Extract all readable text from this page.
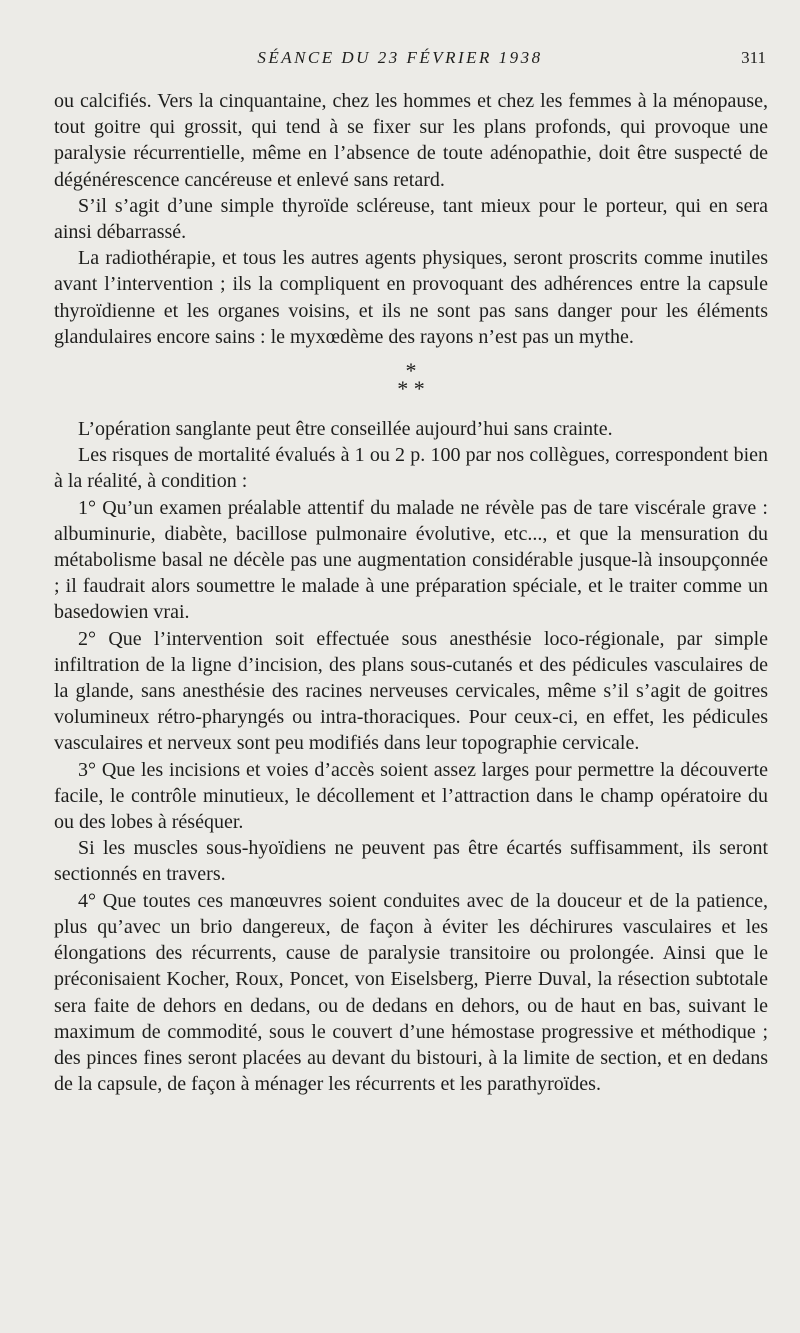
SÉANCE DU 23 FÉVRIER 1938	311

ou calcifiés. Vers la cinquantaine, chez les hommes et chez les femmes à la ménopause, tout goitre qui grossit, qui tend à se fixer sur les plans profonds, qui provoque une paralysie récurrentielle, même en l’absence de toute adénopathie, doit être suspecté de dégénérescence cancéreuse et enlevé sans retard.

S’il s’agit d’une simple thyroïde scléreuse, tant mieux pour le porteur, qui en sera ainsi débarrassé.

La radiothérapie, et tous les autres agents physiques, seront proscrits comme inutiles avant l’intervention ; ils la compliquent en provoquant des adhérences entre la capsule thyroïdienne et les organes voisins, et ils ne sont pas sans danger pour les éléments glandulaires encore sains : le myxœdème des rayons n’est pas un mythe.

*
* *

L’opération sanglante peut être conseillée aujourd’hui sans crainte.

Les risques de mortalité évalués à 1 ou 2 p. 100 par nos collègues, correspondent bien à la réalité, à condition :

1° Qu’un examen préalable attentif du malade ne révèle pas de tare viscérale grave : albuminurie, diabète, bacillose pulmonaire évolutive, etc..., et que la mensuration du métabolisme basal ne décèle pas une augmentation considérable jusque-là insoupçonnée ; il faudrait alors soumettre le malade à une préparation spéciale, et le traiter comme un basedowien vrai.

2° Que l’intervention soit effectuée sous anesthésie loco-régionale, par simple infiltration de la ligne d’incision, des plans sous-cutanés et des pédicules vasculaires de la glande, sans anesthésie des racines nerveuses cervicales, même s’il s’agit de goitres volumineux rétro-pharyngés ou intra-thoraciques. Pour ceux-ci, en effet, les pédicules vasculaires et nerveux sont peu modifiés dans leur topographie cervicale.

3° Que les incisions et voies d’accès soient assez larges pour permettre la découverte facile, le contrôle minutieux, le décollement et l’attraction dans le champ opératoire du ou des lobes à réséquer.

Si les muscles sous-hyoïdiens ne peuvent pas être écartés suffisamment, ils seront sectionnés en travers.

4° Que toutes ces manœuvres soient conduites avec de la douceur et de la patience, plus qu’avec un brio dangereux, de façon à éviter les déchirures vasculaires et les élongations des récurrents, cause de paralysie transitoire ou prolongée. Ainsi que le préconisaient Kocher, Roux, Poncet, von Eiselsberg, Pierre Duval, la résection subtotale sera faite de dehors en dedans, ou de dedans en dehors, ou de haut en bas, suivant le maximum de commodité, sous le couvert d’une hémostase progressive et méthodique ; des pinces fines seront placées au devant du bistouri, à la limite de section, et en dedans de la capsule, de façon à ménager les récurrents et les parathyroïdes.
